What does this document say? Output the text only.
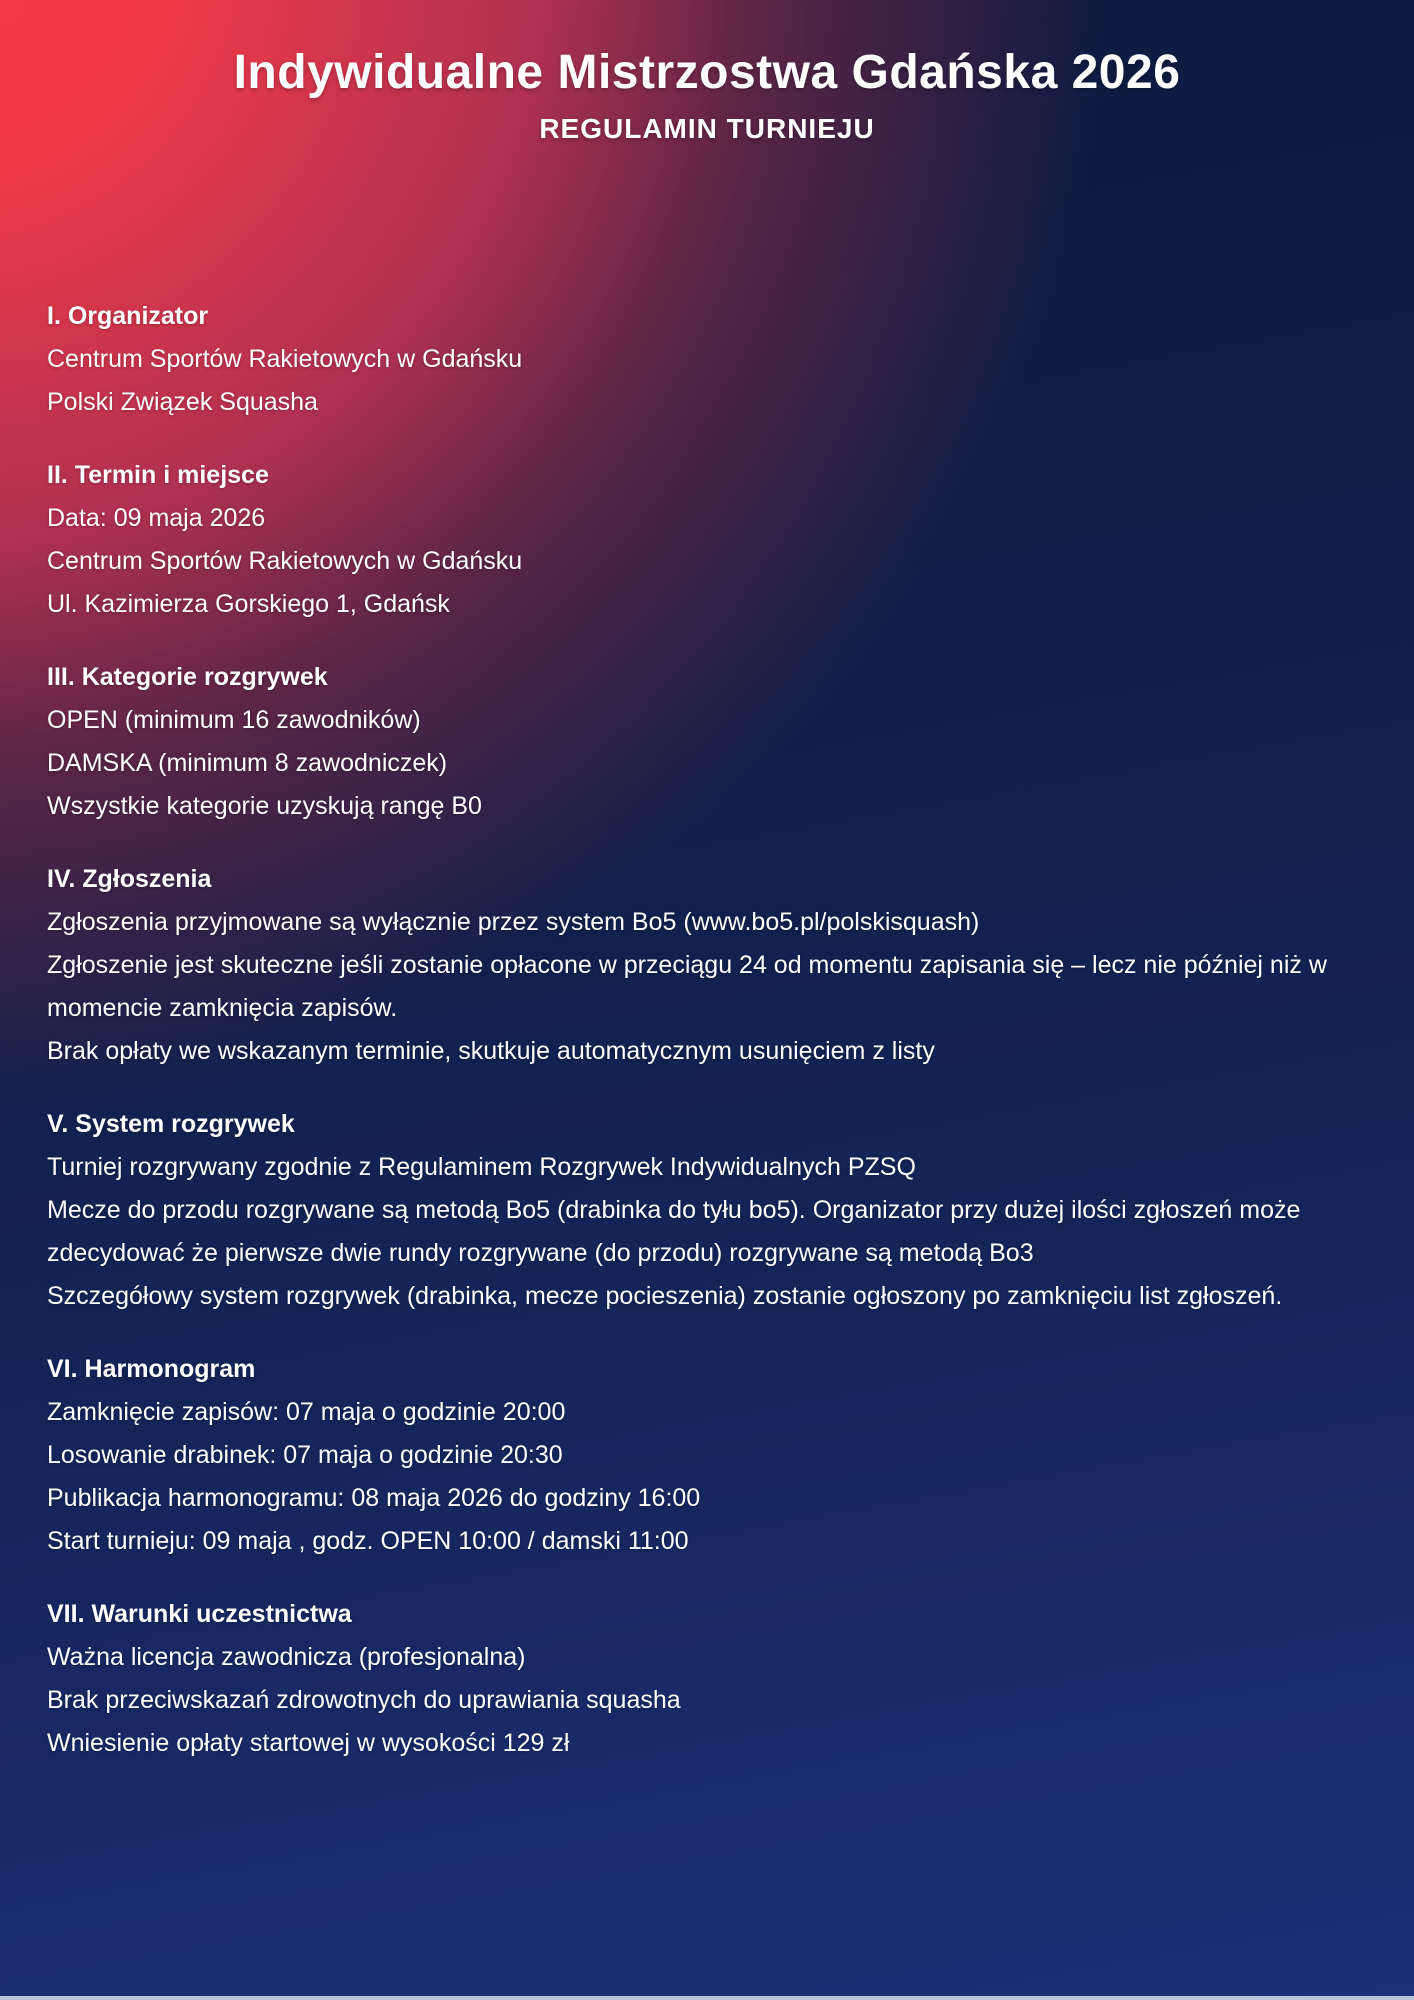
Indywidualne Mistrzostwa Gdańska 2026
REGULAMIN TURNIEJU
I. Organizator
Centrum Sportów Rakietowych w Gdańsku
Polski Związek Squasha
II. Termin i miejsce
Data: 09 maja 2026
Centrum Sportów Rakietowych w Gdańsku
Ul. Kazimierza Gorskiego 1, Gdańsk
III. Kategorie rozgrywek
OPEN (minimum 16 zawodników)
DAMSKA (minimum 8 zawodniczek)
Wszystkie kategorie uzyskują rangę B0
IV. Zgłoszenia
Zgłoszenia przyjmowane są wyłącznie przez system Bo5 (www.bo5.pl/polskisquash)
Zgłoszenie jest skuteczne jeśli zostanie opłacone w przeciągu 24 od momentu zapisania się – lecz nie później niż w momencie zamknięcia zapisów.
Brak opłaty we wskazanym terminie, skutkuje automatycznym usunięciem z listy
V. System rozgrywek
Turniej rozgrywany zgodnie z Regulaminem Rozgrywek Indywidualnych PZSQ
Mecze do przodu rozgrywane są metodą Bo5 (drabinka do tyłu bo5). Organizator przy dużej ilości zgłoszeń może zdecydować że pierwsze dwie rundy rozgrywane (do przodu) rozgrywane są metodą Bo3
Szczegółowy system rozgrywek (drabinka, mecze pocieszenia) zostanie ogłoszony po zamknięciu list zgłoszeń.
VI. Harmonogram
Zamknięcie zapisów: 07 maja o godzinie 20:00
Losowanie drabinek: 07 maja o godzinie 20:30
Publikacja harmonogramu: 08 maja 2026 do godziny 16:00
Start turnieju: 09 maja , godz. OPEN 10:00 / damski 11:00
VII. Warunki uczestnictwa
Ważna licencja zawodnicza (profesjonalna)
Brak przeciwskazań zdrowotnych do uprawiania squasha
Wniesienie opłaty startowej w wysokości 129 zł
